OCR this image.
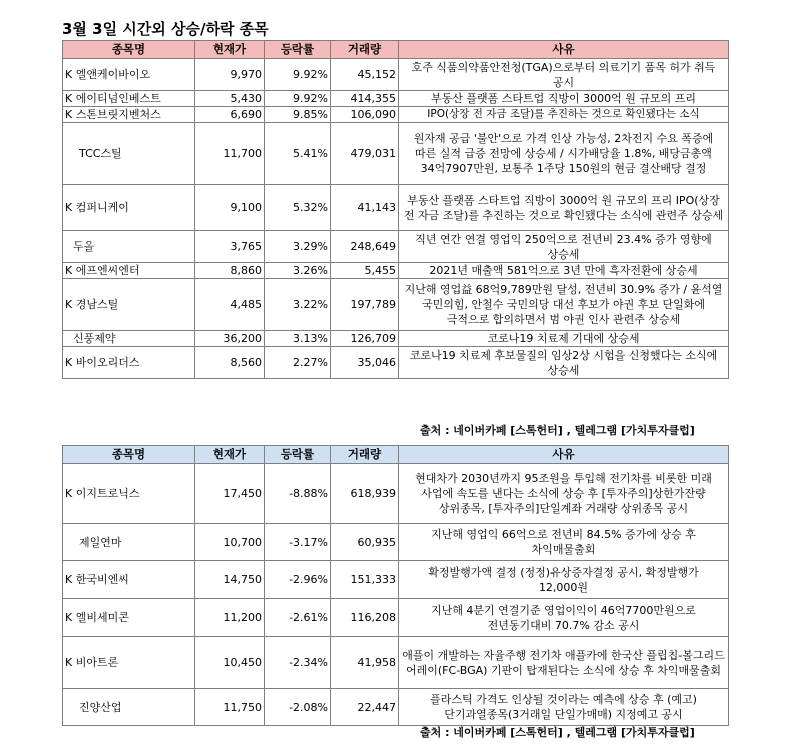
3월 3일 시간외 상승/하락 종목
종목명	현재가	등락률	거래량	사유
K 엘앤케이바이오	9,970	9.92%	45,152	호주 식품의약품안전청(TGA)으로부터 의료기기 품목 허가 취득 공시
K 에이티넘인베스트	5,430	9.92%	414,355	부동산 플랫폼 스타트업 직방이 3000억 원 규모의 프리
K 스톤브릿지벤처스	6,690	9.85%	106,090	IPO(상장 전 자금 조달)를 추진하는 것으로 확인됐다는 소식
TCC스틸	11,700	5.41%	479,031	원자재 공급 '불안'으로 가격 인상 가능성, 2차전지 수요 폭증에 따른 실적 급증 전망에 상승세 / 시가배당율 1.8%, 배당금총액 34억7907만원, 보통주 1주당 150원의 현금 결산배당 결정
K 컴퍼니케이	9,100	5.32%	41,143	부동산 플랫폼 스타트업 직방이 3000억 원 규모의 프리 IPO(상장 전 자금 조달)를 추진하는 것으로 확인됐다는 소식에 관련주 상승세
두올	3,765	3.29%	248,649	직년 연간 연결 영업익 250억으로 전년비 23.4% 증가 영향에 상승세
K 에프엔씨엔터	8,860	3.26%	5,455	2021년 매출액 581억으로 3년 만에 흑자전환에 상승세
K 경남스틸	4,485	3.22%	197,789	지난해 영업益 68억9,789만원 달성, 전년비 30.9% 증가 / 윤석열 국민의힘, 안철수 국민의당 대선 후보가 야권 후보 단일화에 극적으로 합의하면서 범 야권 인사 관련주 상승세
신풍제약	36,200	3.13%	126,709	코로나19 치료제 기대에 상승세
K 바이오리더스	8,560	2.27%	35,046	코로나19 치료제 후보물질의 임상2상 시험을 신청했다는 소식에 상승세
출처 : 네이버카페 [스톡헌터] , 텔레그램 [가치투자클럽]
종목명	현재가	등락률	거래량	사유
K 이지트로닉스	17,450	-8.88%	618,939	현대차가 2030년까지 95조원을 투입해 전기차를 비롯한 미래 사업에 속도를 낸다는 소식에 상승 후 [투자주의]상한가잔량 상위종목, [투자주의]단일계좌 거래량 상위종목 공시
제일연마	10,700	-3.17%	60,935	지난해 영업익 66억으로 전년비 84.5% 증가에 상승 후 차익매물출회
K 한국비엔씨	14,750	-2.96%	151,333	확정발행가액 결정 (정정)유상증자결정 공시, 확정발행가 12,000원
K 엘비세미콘	11,200	-2.61%	116,208	지난해 4분기 연결기준 영업이익이 46억7700만원으로 전년동기대비 70.7% 감소 공시
K 비아트론	10,450	-2.34%	41,958	애플이 개발하는 자율주행 전기차 애플카에 한국산 플립칩-볼그리드 어레이(FC-BGA) 기판이 탑재된다는 소식에 상승 후 차익매물출회
진양산업	11,750	-2.08%	22,447	플라스틱 가격도 인상될 것이라는 예측에 상승 후 (예고)단기과열종목(3거래일 단일가매매) 지정예고 공시
출처 : 네이버카페 [스톡헌터] , 텔레그램 [가치투자클럽]
